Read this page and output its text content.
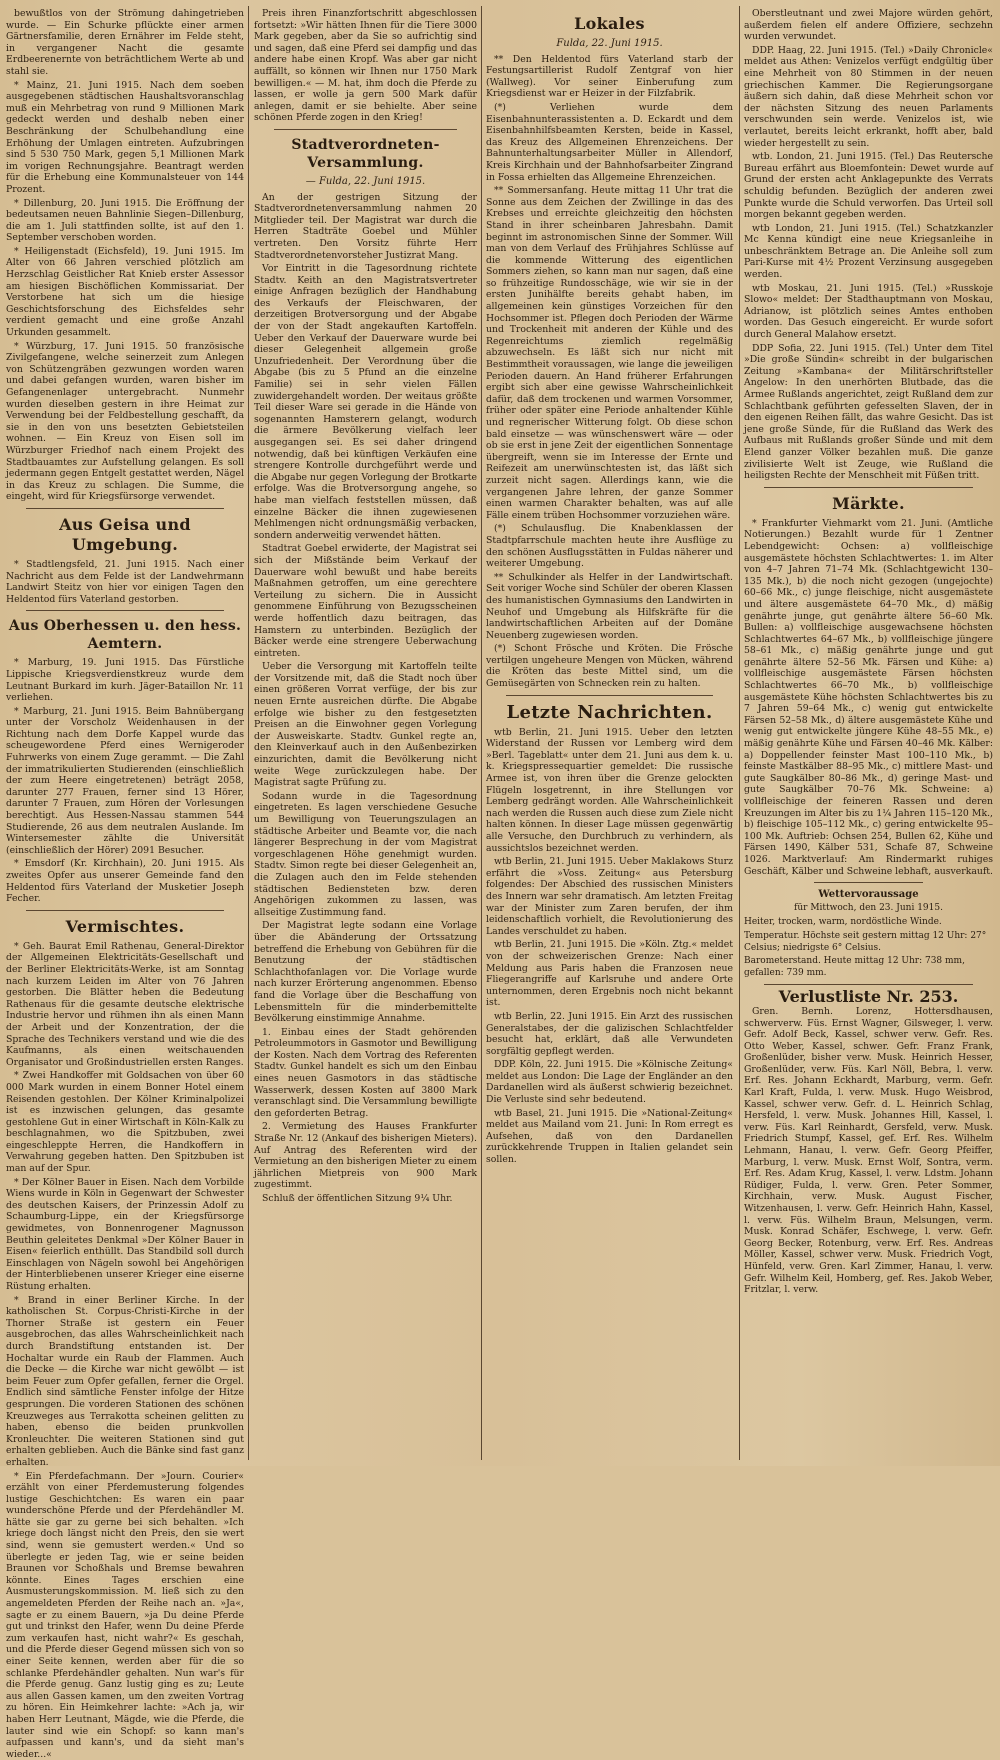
bewußtlos von der Strömung dahingetrieben wurde. — Ein Schurke pflückte einer armen Gärtnersfamilie, deren Ernährer im Felde steht, in vergangener Nacht die gesamte Erdbeerenernte von beträchtlichem Werte ab und stahl sie.

* Mainz, 21. Juni 1915. Nach dem soeben ausgegebenen städtischen Haushaltsvoranschlag muß ein Mehrbetrag von rund 9 Millionen Mark gedeckt werden und deshalb neben einer Beschränkung der Schulbehandlung eine Erhöhung der Umlagen eintreten. Aufzubringen sind 5 530 750 Mark, gegen 5,1 Millionen Mark im vorigen Rechnungsjahre. Beantragt werden für die Erhebung eine Kommunalsteuer von 144 Prozent.

* Dillenburg, 20. Juni 1915. Die Eröffnung der bedeutsamen neuen Bahnlinie Siegen–Dillenburg, die am 1. Juli stattfinden sollte, ist auf den 1. September verschoben worden.

* Heiligenstadt (Eichsfeld), 19. Juni 1915. Im Alter von 66 Jahren verschied plötzlich am Herzschlag Geistlicher Rat Knieb erster Assessor am hiesigen Bischöflichen Kommissariat. Der Verstorbene hat sich um die hiesige Geschichtsforschung des Eichsfeldes sehr verdient gemacht und eine große Anzahl Urkunden gesammelt.

* Würzburg, 17. Juni 1915. 50 französische Zivilgefangene, welche seinerzeit zum Anlegen von Schützengräben gezwungen worden waren und dabei gefangen wurden, waren bisher im Gefangenenlager untergebracht. Nunmehr wurden dieselben gestern in ihre Heimat zur Verwendung bei der Feldbestellung geschafft, da sie in den von uns besetzten Gebietsteilen wohnen. — Ein Kreuz von Eisen soll im Würzburger Friedhof nach einem Projekt des Stadtbauamtes zur Aufstellung gelangen. Es soll jedermann gegen Entgelt gestattet werden, Nägel in das Kreuz zu schlagen. Die Summe, die eingeht, wird für Kriegsfürsorge verwendet.

Aus Geisa und Umgebung.

* Stadtlengsfeld, 21. Juni 1915. Nach einer Nachricht aus dem Felde ist der Landwehrmann Landwirt Steitz von hier vor einigen Tagen den Heldentod fürs Vaterland gestorben.

Aus Oberhessen u. den hess. Aemtern.

* Marburg, 19. Juni 1915. Das Fürstliche Lippische Kriegsverdienstkreuz wurde dem Leutnant Burkard im kurh. Jäger-Bataillon Nr. 11 verliehen.

* Marburg, 21. Juni 1915. Beim Bahnübergang unter der Vorscholz Weidenhausen in der Richtung nach dem Dorfe Kappel wurde das scheugewordene Pferd eines Wernigeroder Fuhrwerks von einem Zuge gerammt. — Die Zahl der immatrikulierten Studierenden (einschließlich der zum Heere eingetretenen) beträgt 2058, darunter 277 Frauen, ferner sind 13 Hörer, darunter 7 Frauen, zum Hören der Vorlesungen berechtigt. Aus Hessen-Nassau stammen 544 Studierende, 26 aus dem neutralen Auslande. Im Wintersemester zählte die Universität (einschließlich der Hörer) 2091 Besucher.

* Emsdorf (Kr. Kirchhain), 20. Juni 1915. Als zweites Opfer aus unserer Gemeinde fand den Heldentod fürs Vaterland der Musketier Joseph Fecher.

Vermischtes.

* Geh. Baurat Emil Rathenau, General-Direktor der Allgemeinen Elektricitäts-Gesellschaft und der Berliner Elektricitäts-Werke, ist am Sonntag nach kurzem Leiden im Alter von 76 Jahren gestorben. Die Blätter heben die Bedeutung Rathenaus für die gesamte deutsche elektrische Industrie hervor und rühmen ihn als einen Mann der Arbeit und der Konzentration, der die Sprache des Technikers verstand und wie die des Kaufmanns, als einen weitschauenden Organisator und Großindustriellen ersten Ranges.

* Zwei Handkoffer mit Goldsachen von über 60 000 Mark wurden in einem Bonner Hotel einem Reisenden gestohlen. Der Kölner Kriminalpolizei ist es inzwischen gelungen, das gesamte gestohlene Gut in einer Wirtschaft in Köln-Kalk zu beschlagnahmen, wo die Spitzbuben, zwei eingeschleppte Herren, die Handkoffern in Verwahrung gegeben hatten. Den Spitzbuben ist man auf der Spur.

* Der Kölner Bauer in Eisen. Nach dem Vorbilde Wiens wurde in Köln in Gegenwart der Schwester des deutschen Kaisers, der Prinzessin Adolf zu Schaumburg-Lippe, ein der Kriegsfürsorge gewidmetes, von Bonnenrogener Magnusson Beuthin geleitetes Denkmal »Der Kölner Bauer in Eisen« feierlich enthüllt. Das Standbild soll durch Einschlagen von Nägeln sowohl bei Angehörigen der Hinterbliebenen unserer Krieger eine eiserne Rüstung erhalten.

* Brand in einer Berliner Kirche. In der katholischen St. Corpus-Christi-Kirche in der Thorner Straße ist gestern ein Feuer ausgebrochen, das alles Wahrscheinlichkeit nach durch Brandstiftung entstanden ist. Der Hochaltar wurde ein Raub der Flammen. Auch die Decke — die Kirche war nicht gewölbt — ist beim Feuer zum Opfer gefallen, ferner die Orgel. Endlich sind sämtliche Fenster infolge der Hitze gesprungen. Die vorderen Stationen des schönen Kreuzweges aus Terrakotta scheinen gelitten zu haben, ebenso die beiden prunkvollen Kronleuchter. Die weiteren Stationen sind gut erhalten geblieben. Auch die Bänke sind fast ganz erhalten.

* Ein Pferdefachmann. Der »Journ. Courier« erzählt von einer Pferdemusterung folgendes lustige Geschichtchen: Es waren ein paar wunderschöne Pferde und der Pferdehändler M. hätte sie gar zu gerne bei sich behalten. »Ich kriege doch längst nicht den Preis, den sie wert sind, wenn sie gemustert werden.« Und so überlegte er jeden Tag, wie er seine beiden Braunen vor Schoßhals und Bremse bewahren könnte. Eines Tages erschien eine Ausmusterungskommission. M. ließ sich zu den angemeldeten Pferden der Reihe nach an. »Ja«, sagte er zu einem Bauern, »ja Du deine Pferde gut und trinkst den Hafer, wenn Du deine Pferde zum verkaufen hast, nicht wahr?« Es geschah, und die Pferde dieser Gegend müssen sich von so einer Seite kennen, werden aber für die so schlanke Pferdehändler gehalten. Nun war's für die Pferde genug. Ganz lustig ging es zu; Leute aus allen Gassen kamen, um den zweiten Vortrag zu hören. Ein Heimkehrer lachte: »Ach ja, wir haben Herr Leutnant, Mägde, wie die Pferde, die lauter sind wie ein Schopf: so kann man's aufpassen und kann's, und da sieht man's wieder...«

Preis ihren Finanzfortschritt abgeschlossen fortsetzt: »Wir hätten Ihnen für die Tiere 3000 Mark gegeben, aber da Sie so aufrichtig sind und sagen, daß eine Pferd sei dampfig und das andere habe einen Kropf. Was aber gar nicht auffällt, so können wir Ihnen nur 1750 Mark bewilligen.« — M. hat, ihm doch die Pferde zu lassen, er wolle ja gern 500 Mark dafür anlegen, damit er sie behielte. Aber seine schönen Pferde zogen in den Krieg!

Stadtverordneten-Versammlung.
— Fulda, 22. Juni 1915.

An der gestrigen Sitzung der Stadtverordnetenversammlung nahmen 20 Mitglieder teil. Der Magistrat war durch die Herren Stadträte Goebel und Mühler vertreten. Den Vorsitz führte Herr Stadtverordnetenvorsteher Justizrat Mang.

Vor Eintritt in die Tagesordnung richtete Stadtv. Keith an den Magistratsvertreter einige Anfragen bezüglich der Handhabung des Verkaufs der Fleischwaren, der derzeitigen Brotversorgung und der Abgabe der von der Stadt angekauften Kartoffeln. Ueber den Verkauf der Dauerware wurde bei dieser Gelegenheit allgemein große Unzufriedenheit. Der Verordnung über die Abgabe (bis zu 5 Pfund an die einzelne Familie) sei in sehr vielen Fällen zuwidergehandelt worden. Der weitaus größte Teil dieser Ware sei gerade in die Hände von sogenannten Hamsterern gelangt, wodurch die ärmere Bevölkerung vielfach leer ausgegangen sei. Es sei daher dringend notwendig, daß bei künftigen Verkäufen eine strengere Kontrolle durchgeführt werde und die Abgabe nur gegen Vorlegung der Brotkarte erfolge. Was die Brotversorgung angehe, so habe man vielfach feststellen müssen, daß einzelne Bäcker die ihnen zugewiesenen Mehlmengen nicht ordnungsmäßig verbacken, sondern anderweitig verwendet hätten.

Stadtrat Goebel erwiderte, der Magistrat sei sich der Mißstände beim Verkauf der Dauerware wohl bewußt und habe bereits Maßnahmen getroffen, um eine gerechtere Verteilung zu sichern. Die in Aussicht genommene Einführung von Bezugsscheinen werde hoffentlich dazu beitragen, das Hamstern zu unterbinden. Bezüglich der Bäcker werde eine strengere Ueberwachung eintreten.

Ueber die Versorgung mit Kartoffeln teilte der Vorsitzende mit, daß die Stadt noch über einen größeren Vorrat verfüge, der bis zur neuen Ernte ausreichen dürfte. Die Abgabe erfolge wie bisher zu den festgesetzten Preisen an die Einwohner gegen Vorlegung der Ausweiskarte. Stadtv. Gunkel regte an, den Kleinverkauf auch in den Außenbezirken einzurichten, damit die Bevölkerung nicht weite Wege zurückzulegen habe. Der Magistrat sagte Prüfung zu.

Sodann wurde in die Tagesordnung eingetreten. Es lagen verschiedene Gesuche um Bewilligung von Teuerungszulagen an städtische Arbeiter und Beamte vor, die nach längerer Besprechung in der vom Magistrat vorgeschlagenen Höhe genehmigt wurden. Stadtv. Simon regte bei dieser Gelegenheit an, die Zulagen auch den im Felde stehenden städtischen Bediensteten bzw. deren Angehörigen zukommen zu lassen, was allseitige Zustimmung fand.

Der Magistrat legte sodann eine Vorlage über die Abänderung der Ortssatzung betreffend die Erhebung von Gebühren für die Benutzung der städtischen Schlachthofanlagen vor. Die Vorlage wurde nach kurzer Erörterung angenommen. Ebenso fand die Vorlage über die Beschaffung von Lebensmitteln für die minderbemittelte Bevölkerung einstimmige Annahme.

1. Einbau eines der Stadt gehörenden Petroleummotors in Gasmotor und Bewilligung der Kosten. Nach dem Vortrag des Referenten Stadtv. Gunkel handelt es sich um den Einbau eines neuen Gasmotors in das städtische Wasserwerk, dessen Kosten auf 3800 Mark veranschlagt sind. Die Versammlung bewilligte den geforderten Betrag.

2. Vermietung des Hauses Frankfurter Straße Nr. 12 (Ankauf des bisherigen Mieters). Auf Antrag des Referenten wird der Vermietung an den bisherigen Mieter zu einem jährlichen Mietpreis von 900 Mark zugestimmt.

Schluß der öffentlichen Sitzung 9¼ Uhr.

Lokales
Fulda, 22. Juni 1915.

** Den Heldentod fürs Vaterland starb der Festungsartillerist Rudolf Zentgraf von hier (Wallweg). Vor seiner Einberufung zum Kriegsdienst war er Heizer in der Filzfabrik.

(*) Verliehen wurde dem Eisenbahnunterassistenten a. D. Eckardt und dem Eisenbahnhilfsbeamten Kersten, beide in Kassel, das Kreuz des Allgemeinen Ehrenzeichens. Der Bahnunterhaltungsarbeiter Müller in Allendorf, Kreis Kirchhain und der Bahnhofsarbeiter Zingrand in Fossa erhielten das Allgemeine Ehrenzeichen.

** Sommersanfang. Heute mittag 11 Uhr trat die Sonne aus dem Zeichen der Zwillinge in das des Krebses und erreichte gleichzeitig den höchsten Stand in ihrer scheinbaren Jahresbahn. Damit beginnt im astronomischen Sinne der Sommer. Will man von dem Verlauf des Frühjahres Schlüsse auf die kommende Witterung des eigentlichen Sommers ziehen, so kann man nur sagen, daß eine so frühzeitige Rundosschäge, wie wir sie in der ersten Junihälfte bereits gehabt haben, im allgemeinen kein günstiges Vorzeichen für den Hochsommer ist. Pflegen doch Perioden der Wärme und Trockenheit mit anderen der Kühle und des Regenreichtums ziemlich regelmäßig abzuwechseln. Es läßt sich nur nicht mit Bestimmtheit voraussagen, wie lange die jeweiligen Perioden dauern. An Hand früherer Erfahrungen ergibt sich aber eine gewisse Wahrscheinlichkeit dafür, daß dem trockenen und warmen Vorsommer, früher oder später eine Periode anhaltender Kühle und regnerischer Witterung folgt. Ob diese schon bald einsetze — was wünschenswert wäre — oder ob sie erst in jene Zeit der eigentlichen Sonnentage übergreift, wenn sie im Interesse der Ernte und Reifezeit am unerwünschtesten ist, das läßt sich zurzeit nicht sagen. Allerdings kann, wie die vergangenen Jahre lehren, der ganze Sommer einen warmen Charakter behalten, was auf alle Fälle einem trüben Hochsommer vorzuziehen wäre.

(*) Schulausflug. Die Knabenklassen der Stadtpfarrschule machten heute ihre Ausflüge zu den schönen Ausflugsstätten in Fuldas näherer und weiterer Umgebung.

** Schulkinder als Helfer in der Landwirtschaft. Seit voriger Woche sind Schüler der oberen Klassen des humanistischen Gymnasiums den Landwirten in Neuhof und Umgebung als Hilfskräfte für die landwirtschaftlichen Arbeiten auf der Domäne Neuenberg zugewiesen worden.

(*) Schont Frösche und Kröten. Die Frösche vertilgen ungeheure Mengen von Mücken, während die Kröten das beste Mittel sind, um die Gemüsegärten von Schnecken rein zu halten.

Letzte Nachrichten.

wtb Berlin, 21. Juni 1915. Ueber den letzten Widerstand der Russen vor Lemberg wird dem »Berl. Tageblatt« unter dem 21. Juni aus dem k. u. k. Kriegspressequartier gemeldet: Die russische Armee ist, von ihren über die Grenze gelockten Flügeln losgetrennt, in ihre Stellungen vor Lemberg gedrängt worden. Alle Wahrscheinlichkeit nach werden die Russen auch diese zum Ziele nicht halten können. In dieser Lage müssen gegenwärtig alle Versuche, den Durchbruch zu verhindern, als aussichtslos bezeichnet werden.

wtb Berlin, 21. Juni 1915. Ueber Maklakows Sturz erfährt die »Voss. Zeitung« aus Petersburg folgendes: Der Abschied des russischen Ministers des Innern war sehr dramatisch. Am letzten Freitag war der Minister zum Zaren berufen, der ihm leidenschaftlich vorhielt, die Revolutionierung des Landes verschuldet zu haben.

wtb Berlin, 21. Juni 1915. Die »Köln. Ztg.« meldet von der schweizerischen Grenze: Nach einer Meldung aus Paris haben die Franzosen neue Fliegerangriffe auf Karlsruhe und andere Orte unternommen, deren Ergebnis noch nicht bekannt ist.

wtb Berlin, 22. Juni 1915. Ein Arzt des russischen Generalstabes, der die galizischen Schlachtfelder besucht hat, erklärt, daß alle Verwundeten sorgfältig gepflegt werden.

DDP. Köln, 22. Juni 1915. Die »Kölnische Zeitung« meldet aus London: Die Lage der Engländer an den Dardanellen wird als äußerst schwierig bezeichnet. Die Verluste sind sehr bedeutend.

wtb Basel, 21. Juni 1915. Die »National-Zeitung« meldet aus Mailand vom 21. Juni: In Rom erregt es Aufsehen, daß von den Dardanellen zurückkehrende Truppen in Italien gelandet sein sollen.

Oberstleutnant und zwei Majore würden gehört, außerdem fielen elf andere Offiziere, sechzehn wurden verwundet.

DDP. Haag, 22. Juni 1915. (Tel.) »Daily Chronicle« meldet aus Athen: Venizelos verfügt endgültig über eine Mehrheit von 80 Stimmen in der neuen griechischen Kammer. Die Regierungsorgane äußern sich dahin, daß diese Mehrheit schon vor der nächsten Sitzung des neuen Parlaments verschwunden sein werde. Venizelos ist, wie verlautet, bereits leicht erkrankt, hofft aber, bald wieder hergestellt zu sein.

wtb. London, 21. Juni 1915. (Tel.) Das Reutersche Bureau erfährt aus Bloemfontein: Dewet wurde auf Grund der ersten acht Anklagepunkte des Verrats schuldig befunden. Bezüglich der anderen zwei Punkte wurde die Schuld verworfen. Das Urteil soll morgen bekannt gegeben werden.

wtb London, 21. Juni 1915. (Tel.) Schatzkanzler Mc Kenna kündigt eine neue Kriegsanleihe in unbeschränktem Betrage an. Die Anleihe soll zum Pari-Kurse mit 4½ Prozent Verzinsung ausgegeben werden.

wtb Moskau, 21. Juni 1915. (Tel.) »Russkoje Slowo« meldet: Der Stadthauptmann von Moskau, Adrianow, ist plötzlich seines Amtes enthoben worden. Das Gesuch eingereicht. Er wurde sofort durch General Malahow ersetzt.

DDP Sofia, 22. Juni 1915. (Tel.) Unter dem Titel »Die große Sündin« schreibt in der bulgarischen Zeitung »Kambana« der Militärschriftsteller Angelow: In den unerhörten Blutbade, das die Armee Rußlands angerichtet, zeigt Rußland dem zur Schlachtbank geführten gefesselten Slaven, der in den eigenen Reihen fällt, das wahre Gesicht. Das ist jene große Sünde, für die Rußland das Werk des Aufbaus mit Rußlands großer Sünde und mit dem Elend ganzer Völker bezahlen muß. Die ganze zivilisierte Welt ist Zeuge, wie Rußland die heiligsten Rechte der Menschheit mit Füßen tritt.

Märkte.

* Frankfurter Viehmarkt vom 21. Juni. (Amtliche Notierungen.) Bezahlt wurde für 1 Zentner Lebendgewicht: Ochsen: a) vollfleischige ausgemästete höchsten Schlachtwertes: 1. im Alter von 4–7 Jahren 71–74 Mk. (Schlachtgewicht 130–135 Mk.), b) die noch nicht gezogen (ungejochte) 60–66 Mk., c) junge fleischige, nicht ausgemästete und ältere ausgemästete 64–70 Mk., d) mäßig genährte junge, gut genährte ältere 56–60 Mk. Bullen: a) vollfleischige ausgewachsene höchsten Schlachtwertes 64–67 Mk., b) vollfleischige jüngere 58–61 Mk., c) mäßig genährte junge und gut genährte ältere 52–56 Mk. Färsen und Kühe: a) vollfleischige ausgemästete Färsen höchsten Schlachtwertes 66–70 Mk., b) vollfleischige ausgemästete Kühe höchsten Schlachtwertes bis zu 7 Jahren 59–64 Mk., c) wenig gut entwickelte Färsen 52–58 Mk., d) ältere ausgemästete Kühe und wenig gut entwickelte jüngere Kühe 48–55 Mk., e) mäßig genährte Kühe und Färsen 40–46 Mk. Kälber: a) Doppellender feinster Mast 100–110 Mk., b) feinste Mastkälber 88–95 Mk., c) mittlere Mast- und gute Saugkälber 80–86 Mk., d) geringe Mast- und gute Saugkälber 70–76 Mk. Schweine: a) vollfleischige der feineren Rassen und deren Kreuzungen im Alter bis zu 1¼ Jahren 115–120 Mk., b) fleischige 105–112 Mk., c) gering entwickelte 95–100 Mk. Auftrieb: Ochsen 254, Bullen 62, Kühe und Färsen 1490, Kälber 531, Schafe 87, Schweine 1026. Marktverlauf: Am Rindermarkt ruhiges Geschäft, Kälber und Schweine lebhaft, ausverkauft.

Wettervoraussage
für Mittwoch, den 23. Juni 1915.

Heiter, trocken, warm, nordöstliche Winde.

Temperatur. Höchste seit gestern mittag 12 Uhr: 27° Celsius; niedrigste 6° Celsius.

Barometerstand. Heute mittag 12 Uhr: 738 mm, gefallen: 739 mm.

Verlustliste Nr. 253.

Gren. Bernh. Lorenz, Hottersdhausen, schwerverw. Füs. Ernst Wagner, Gilsweger, l. verw. Gefr. Adolf Beck, Kassel, schwer verw. Gefr. Res. Otto Weber, Kassel, schwer. Gefr. Franz Frank, Großenlüder, bisher verw. Musk. Heinrich Hesser, Großenlüder, verw. Füs. Karl Nöll, Bebra, l. verw. Erf. Res. Johann Eckhardt, Marburg, verm. Gefr. Karl Kraft, Fulda, l. verw. Musk. Hugo Weisbrod, Kassel, schwer verw. Gefr. d. L. Heinrich Schlag, Hersfeld, l. verw. Musk. Johannes Hill, Kassel, l. verw. Füs. Karl Reinhardt, Gersfeld, verw. Musk. Friedrich Stumpf, Kassel, gef. Erf. Res. Wilhelm Lehmann, Hanau, l. verw. Gefr. Georg Pfeiffer, Marburg, l. verw. Musk. Ernst Wolf, Sontra, verm. Erf. Res. Adam Krug, Kassel, l. verw. Ldstm. Johann Rüdiger, Fulda, l. verw. Gren. Peter Sommer, Kirchhain, verw. Musk. August Fischer, Witzenhausen, l. verw. Gefr. Heinrich Hahn, Kassel, l. verw. Füs. Wilhelm Braun, Melsungen, verm. Musk. Konrad Schäfer, Eschwege, l. verw. Gefr. Georg Becker, Rotenburg, verw. Erf. Res. Andreas Möller, Kassel, schwer verw. Musk. Friedrich Vogt, Hünfeld, verw. Gren. Karl Zimmer, Hanau, l. verw. Gefr. Wilhelm Keil, Homberg, gef. Res. Jakob Weber, Fritzlar, l. verw.
